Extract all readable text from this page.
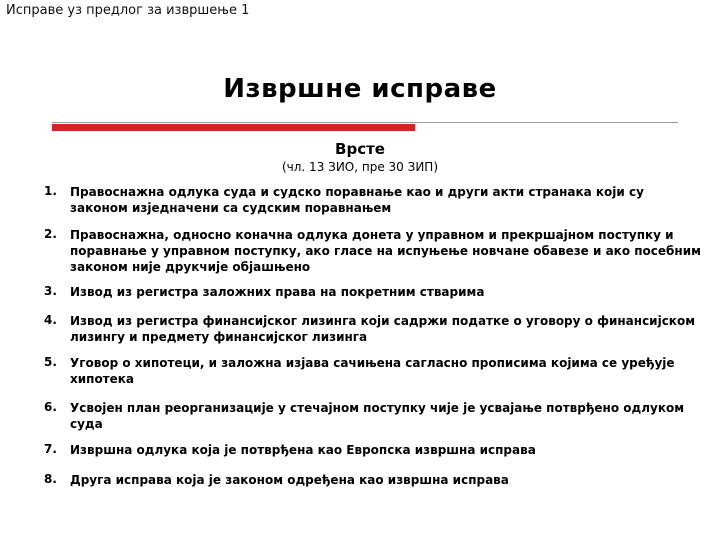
Исправе уз предлог за извршење 1
Извршне исправе
Врсте
(чл. 13 ЗИО, пре 30 ЗИП)
1. Правоснажна одлука суда и судско поравнање као и други акти странака који су законом изједначени са судским поравнањем
2. Правоснажна, односно коначна одлука донета у управном и прекршајном поступку и поравнање у управном поступку, ако гласе на испуњење новчане обавезе и ако посебним законом није друкчије објашњено
3. Извод из регистра заложних права на покретним стварима
4. Извод из регистра финансијског лизинга који садржи податке о уговору о финансијском лизингу и предмету финансијског лизинга
5. Уговор о хипотеци, и заложна изјава сачињена сагласно прописима којима се уређује хипотека
6. Усвојен план реорганизације у стечајном поступку чије је усвајање потврђено одлуком суда
7. Извршна одлука која је потврђена као Европска извршна исправа
8. Друга исправа која је законом одређена као извршна исправа
